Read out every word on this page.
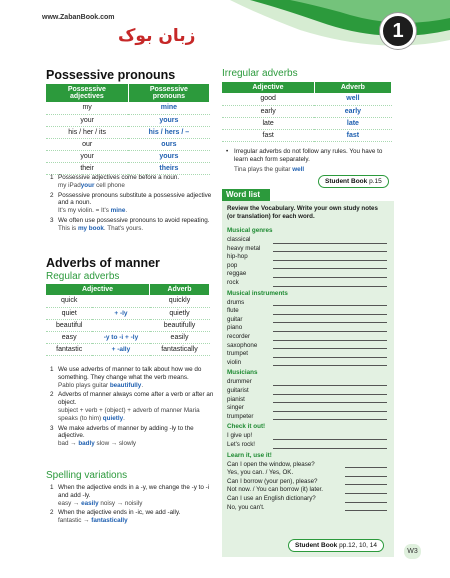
www.ZabanBook.com
زبان بوک	1
Possessive pronouns
Possessive adjectives	Possessive pronouns
my	mine
your	yours
his / her / its	his / hers / –
our	ours
your	yours
their	theirs
1 Possessive adjectives come before a noun.
my iPadyour cell phone
2 Possessive pronouns substitute a possessive adjective and a noun.
It's my violin. = It's mine.
3 We often use possessive pronouns to avoid repeating.
This is my book. That's yours.
Adverbs of manner
Regular adverbs
Adjective		Adverb
quick		quickly
quiet	+ -ly	quietly
beautiful		beautifully
easy	-y to -i + -ly	easily
fantastic	+ -ally	fantastically
1 We use adverbs of manner to talk about how we do something. They change what the verb means.
Pablo plays guitar beautifully.
2 Adverbs of manner always come after a verb or after an object.
subject + verb + (object) + adverb of manner Maria speaks (to him) quietly.
3 We make adverbs of manner by adding -ly to the adjective.
bad → badly slow → slowly
Spelling variations
1 When the adjective ends in a -y, we change the -y to -i and add -ly.
easy → easily noisy → noisily
2 When the adjective ends in -ic, we add -ally.
fantastic → fantastically
Irregular adverbs
Adjective	Adverb
good	well
early	early
late	late
fast	fast
• Irregular adverbs do not follow any rules. You have to learn each form separately.
Tina plays the guitar well
Student Book p.15
Word list
Review the Vocabulary. Write your own study notes (or translation) for each word.
Musical genres
classical
heavy metal
hip-hop
pop
reggae
rock
Musical instruments
drums
flute
guitar
piano
recorder
saxophone
trumpet
violin
Musicians
drummer
guitarist
pianist
singer
trumpeter
Check it out!
I give up!
Let's rock!
Learn it, use it!
Can I open the window, please?
Yes, you can. / Yes, OK.
Can I borrow (your pen), please?
Not now. / You can borrow (it) later.
Can I use an English dictionary?
No, you can't.
Student Book pp.12, 10, 14
W3
